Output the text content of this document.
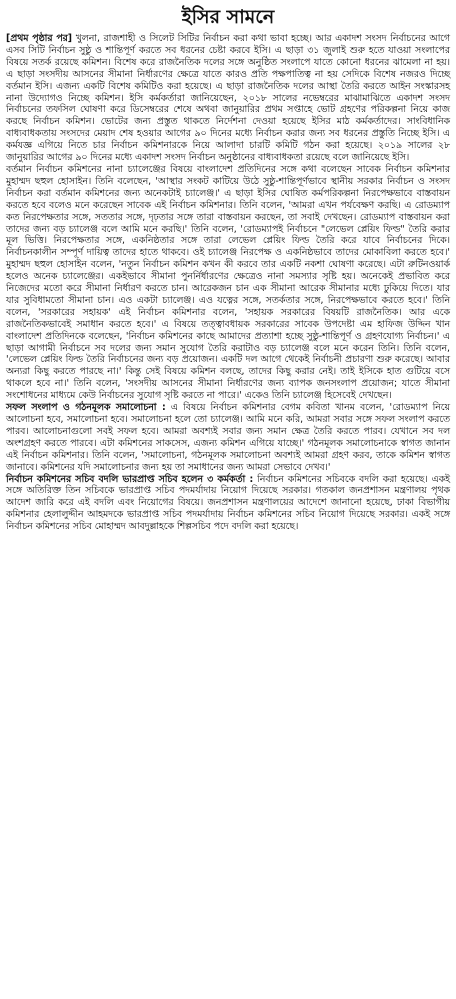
ইসির সামনে

[প্রথম পৃষ্ঠার পর] খুলনা, রাজশাহী ও সিলেট সিটির নির্বাচন করা কথা ভাবা হচ্ছে। আর একাদশ সংসদ নির্বাচনের আগে এসব সিটি নির্বাচন সুষ্ঠু ও শান্তিপূর্ণ করতে সব ধরনের চেষ্টা করবে ইসি। এ ছাড়া ৩১ জুলাই শুরু হতে যাওয়া সংলাপের বিষয়ে সতর্ক রয়েছে কমিশন। বিশেষ করে রাজনৈতিক দলের সঙ্গে অনুষ্ঠিত সংলাপে যাতে কোনো ধরনের ঝামেলা না হয়। এ ছাড়া সংসদীয় আসনের সীমানা নির্ধারণের ক্ষেত্রে যাতে কারও প্রতি পক্ষপাতিত্ব না হয় সেদিকে বিশেষ নজরও দিচ্ছে বর্তমান ইসি। এজন্য একটি বিশেষ কমিটিও করা হয়েছে। এ ছাড়া রাজনৈতিক দলের আস্থা তৈরি করতে আইন সংস্কারসহ নানা উদ্যোগও নিচ্ছে কমিশন। ইসি কর্মকর্তারা জানিয়েছেন, ২০১৮ সালের নভেম্বরের মাঝামাঝিতে একাদশ সংসদ নির্বাচনের তফসিল ঘোষণা করে ডিসেম্বরের শেষে অথবা জানুয়ারির প্রথম সপ্তাহে ভোট গ্রহণের পরিকল্পনা নিয়ে কাজ করছে নির্বাচন কমিশন। ভোটের জন্য প্রস্তুত থাকতে নির্দেশনা দেওয়া হয়েছে ইসির মাঠ কর্মকর্তাদের। সাংবিধানিক বাধ্যবাধকতায় সংসদের মেয়াদ শেষ হওয়ার আগের ৯০ দিনের মধ্যে নির্বাচন করার জন্য সব ধরনের প্রস্তুতি নিচ্ছে ইসি। এ কর্মযজ্ঞ এগিয়ে নিতে চার নির্বাচন কমিশনারকে নিয়ে আলাদা চারটি কমিটি গঠন করা হয়েছে। ২০১৯ সালের ২৮ জানুয়ারির আগের ৯০ দিনের মধ্যে একাদশ সংসদ নির্বাচন অনুষ্ঠানের বাধ্যবাধকতা রয়েছে বলে জানিয়েছে ইসি।

বর্তমান নির্বাচন কমিশনের নানা চ্যালেঞ্জের বিষয়ে বাংলাদেশ প্রতিদিনের সঙ্গে কথা বলেছেন সাবেক নির্বাচন কমিশনার মুহাম্মদ ছহুল হোসাইন। তিনি বলেছেন, 'আস্থার সংকট কাটিয়ে উঠে সুষ্ঠু-শান্তিপূর্ণভাবে স্থানীয় সরকার নির্বাচন ও সংসদ নির্বাচন করা বর্তমান কমিশনের জন্য অনেকটাই চ্যালেঞ্জ।' এ ছাড়া ইসির ঘোষিত কর্মপরিকল্পনা নিরপেক্ষভাবে বাস্তবায়ন করতে হবে বলেও মনে করেছেন সাবেক এই নির্বাচন কমিশনার। তিনি বলেন, 'আমরা এখন পর্যবেক্ষণ করছি। এ রোডম্যাপ কত নিরপেক্ষতার সঙ্গে, সততার সঙ্গে, দৃঢ়তার সঙ্গে তারা বাস্তবায়ন করছেন, তা সবাই দেখছেন। রোডম্যাপ বাস্তবায়ন করা তাদের জন্য বড় চ্যালেঞ্জ বলে আমি মনে করছি।' তিনি বলেন, 'রোডম্যাপই নির্বাচনে "লেভেল প্লেয়িং ফিল্ড" তৈরি করার মূল ভিত্তি। নিরপেক্ষতার সঙ্গে, একনিষ্ঠতার সঙ্গে তারা লেভেল প্লেয়িং ফিল্ড তৈরি করে যাবে নির্বাচনের দিকে। নির্বাচনকালীন সম্পূর্ণ দায়িত্ব তাদের হাতে থাকবে। ওই চ্যালেঞ্জ নিরপেক্ষ ও একনিষ্ঠভাবে তাদের মোকাবিলা করতে হবে।' মুহাম্মদ ছহুল হোসাইন বলেন, 'নতুন নির্বাচন কমিশন কখন কী করবে তার একটি নকশা ঘোষণা করেছে। এটা রুটিনওয়ার্ক হলেও অনেক চ্যালেঞ্জের। একইভাবে সীমানা পুনর্নির্ধারণের ক্ষেত্রেও নানা সমস্যার সৃষ্টি হয়। অনেকেই প্রভাবিত করে নিজেদের মতো করে সীমানা নির্ধারণ করতে চান। আরেকজন চান এক সীমানা আরেক সীমানার মধ্যে ঢুকিয়ে দিতে। যার যার সুবিধামতো সীমানা চান। এও একটা চ্যালেঞ্জ। এও যত্নের সঙ্গে, সতর্কতার সঙ্গে, নিরপেক্ষভাবে করতে হবে।' তিনি বলেন, 'সরকারের সহায়ক' এই নির্বাচন কমিশনার বলেন, 'সহায়ক সরকারের বিষয়টি রাজনৈতিক। আর একে রাজনৈতিকভাবেই সমাধান করতে হবে।' এ বিষয়ে তত্ত্বাবধায়ক সরকারের সাবেক উপদেষ্টা এম হাফিজ উদ্দিন খান বাংলাদেশ প্রতিদিনকে বলেছেন, 'নির্বাচন কমিশনের কাছে আমাদের প্রত্যাশা হচ্ছে সুষ্ঠু-শান্তিপূর্ণ ও গ্রহণযোগ্য নির্বাচন।' এ ছাড়া আগামী নির্বাচনে সব দলের জন্য সমান সুযোগ তৈরি করাটাও বড় চ্যালেঞ্জ বলে মনে করেন তিনি। তিনি বলেন, 'লেভেল প্লেয়িং ফিল্ড তৈরি নির্বাচনের জন্য বড় প্রয়োজন। একটি দল আগে থেকেই নির্বাচনী প্রচারণা শুরু করেছে। আবার অন্যরা কিছু করতে পারছে না।' কিন্তু সেই বিষয়ে কমিশন বলছে, তাদের কিছু করার নেই। তাই ইসিকে হাত গুটিয়ে বসে থাকলে হবে না।' তিনি বলেন, 'সংসদীয় আসনের সীমানা নির্ধারণের জন্য ব্যাপক জনসংলাপ প্রয়োজন; যাতে সীমানা সংশোধনের মাধ্যমে কেউ নির্বাচনের সুযোগ সৃষ্টি করতে না পারে।' একেও তিনি চ্যালেঞ্জ হিসেবেই দেখছেন।

সফল সংলাপ ও গঠনমূলক সমালোচনা : এ বিষয়ে নির্বাচন কমিশনার বেগম কবিতা খানম বলেন, 'রোডম্যাপ নিয়ে আলোচনা হবে, সমালোচনা হবে। সমালোচনা হলে তো চ্যালেঞ্জ। আমি মনে করি, আমরা সবার সঙ্গে সফল সংলাপ করতে পারব। আলোচনাগুলো সবই সফল হবে। আমরা অবশ্যই সবার জন্য সমান ক্ষেত্র তৈরি করতে পারব। যেখানে সব দল অংশগ্রহণ করতে পারবে। এটা কমিশনের সাকসেস, এজন্য কমিশন এগিয়ে যাচ্ছে।' গঠনমূলক সমালোচনাকে স্বাগত জানান এই নির্বাচন কমিশনার। তিনি বলেন, 'সমালোচনা, গঠনমূলক সমালোচনা অবশ্যই আমরা গ্রহণ করব, তাকে কমিশন স্বাগত জানাবে। কমিশনের যদি সমালোচনার জন্য হয় তা সমাধানের জন্য আমরা সেভাবে দেখব।'

নির্বাচন কমিশনের সচিব বদলি ভারপ্রাপ্ত সচিব হলেন ৩ কর্মকর্তা : নির্বাচন কমিশনের সচিবকে বদলি করা হয়েছে। একই সঙ্গে অতিরিক্ত তিন সচিবকে ভারপ্রাপ্ত সচিব পদমর্যাদায় নিয়োগ দিয়েছে সরকার। গতকাল জনপ্রশাসন মন্ত্রণালয় পৃথক আদেশ জারি করে এই বদলি এবং নিয়োগের বিষয়ে। জনপ্রশাসন মন্ত্রণালয়ের আদেশে জানানো হয়েছে, ঢাকা বিভাগীয় কমিশনার হেলালুদ্দীন আহমদকে ভারপ্রাপ্ত সচিব পদমর্যাদায় নির্বাচন কমিশনের সচিব নিয়োগ দিয়েছে সরকার। একই সঙ্গে নির্বাচন কমিশনের সচিব মোহাম্মদ আবদুল্লাহকে শিল্পসচিব পদে বদলি করা হয়েছে।
